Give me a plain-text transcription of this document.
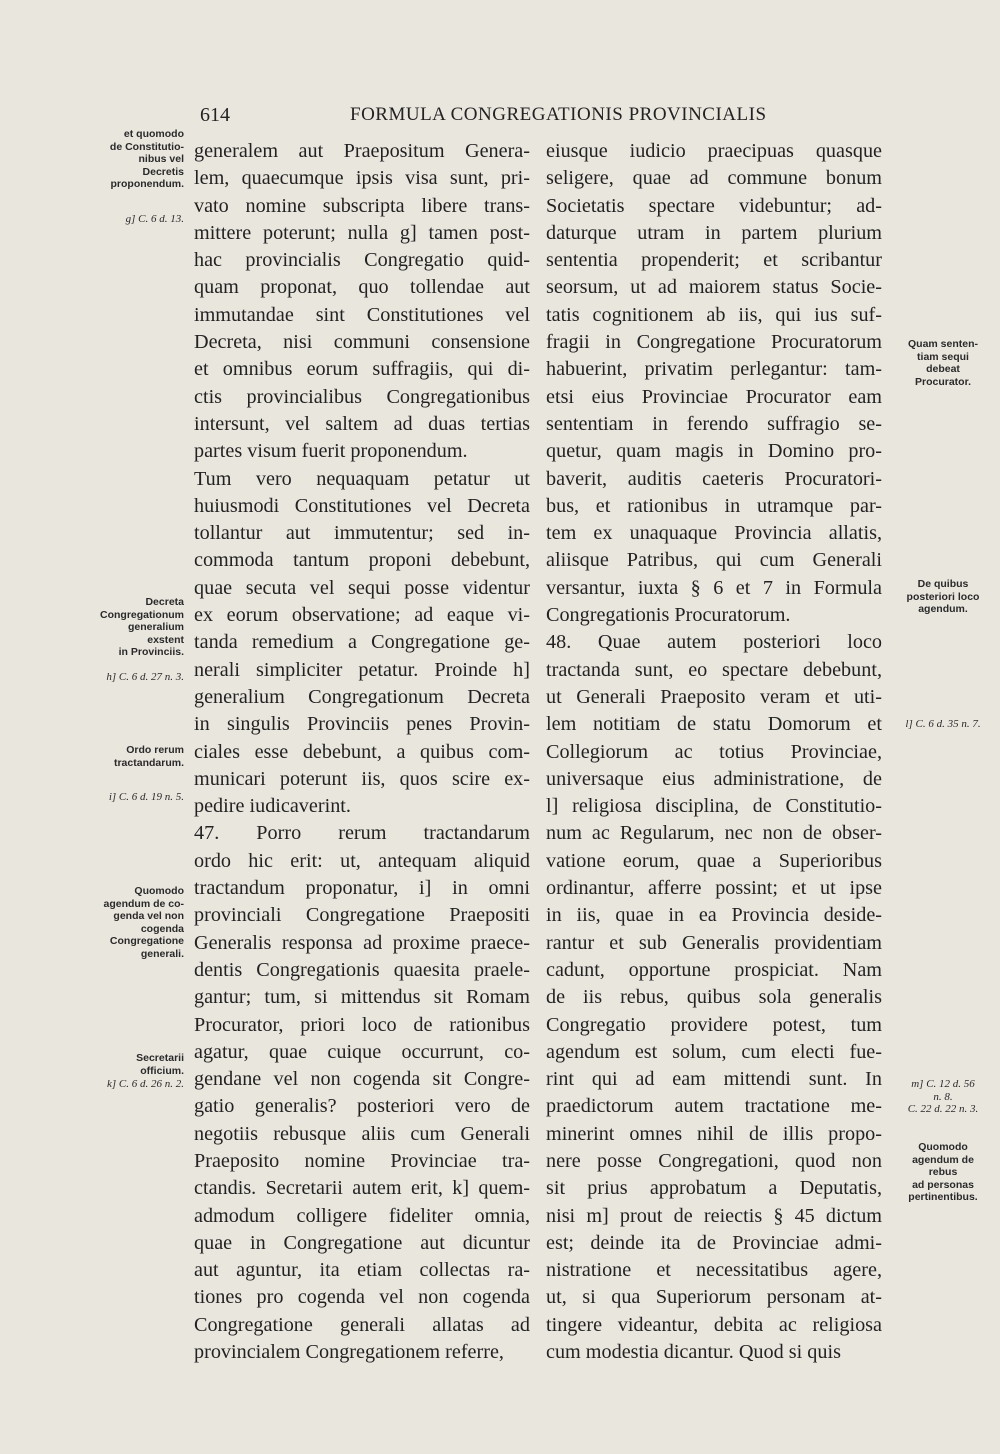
614	FORMULA CONGREGATIONIS PROVINCIALIS
generalem aut Praepositum Genera-
lem, quaecumque ipsis visa sunt, pri-
vato nomine subscripta libere trans-
mittere poterunt; nulla g] tamen post-
hac provincialis Congregatio quid-
quam proponat, quo tollendae aut
immutandae sint Constitutiones vel
Decreta, nisi communi consensione
et omnibus eorum suffragiis, qui di-
ctis provincialibus Congregationibus
intersunt, vel saltem ad duas tertias
partes visum fuerit proponendum.
Tum vero nequaquam petatur ut
huiusmodi Constitutiones vel Decreta
tollantur aut immutentur; sed in-
commoda tantum proponi debebunt,
quae secuta vel sequi posse videntur
ex eorum observatione; ad eaque vi-
tanda remedium a Congregatione ge-
nerali simpliciter petatur. Proinde h]
generalium Congregationum Decreta
in singulis Provinciis penes Provin-
ciales esse debebunt, a quibus com-
municari poterunt iis, quos scire ex-
pedire iudicaverint.
47. Porro rerum tractandarum
ordo hic erit: ut, antequam aliquid
tractandum proponatur, i] in omni
provinciali Congregatione Praepositi
Generalis responsa ad proxime praece-
dentis Congregationis quaesita praele-
gantur; tum, si mittendus sit Romam
Procurator, priori loco de rationibus
agatur, quae cuique occurrunt, co-
gendane vel non cogenda sit Congre-
gatio generalis? posteriori vero de
negotiis rebusque aliis cum Generali
Praeposito nomine Provinciae tra-
ctandis. Secretarii autem erit, k] quem-
admodum colligere fideliter omnia,
quae in Congregatione aut dicuntur
aut aguntur, ita etiam collectas ra-
tiones pro cogenda vel non cogenda
Congregatione generali allatas ad
provincialem Congregationem referre,
eiusque iudicio praecipuas quasque
seligere, quae ad commune bonum
Societatis spectare videbuntur; ad-
daturque utram in partem plurium
sententia propenderit; et scribantur
seorsum, ut ad maiorem status Socie-
tatis cognitionem ab iis, qui ius suf-
fragii in Congregatione Procuratorum
habuerint, privatim perlegantur: tam-
etsi eius Provinciae Procurator eam
sententiam in ferendo suffragio se-
quetur, quam magis in Domino pro-
baverit, auditis caeteris Procuratori-
bus, et rationibus in utramque par-
tem ex unaquaque Provincia allatis,
aliisque Patribus, qui cum Generali
versantur, iuxta § 6 et 7 in Formula
Congregationis Procuratorum.
48. Quae autem posteriori loco
tractanda sunt, eo spectare debebunt,
ut Generali Praeposito veram et uti-
lem notitiam de statu Domorum et
Collegiorum ac totius Provinciae,
universaque eius administratione, de
l] religiosa disciplina, de Constitutio-
num ac Regularum, nec non de obser-
vatione eorum, quae a Superioribus
ordinantur, afferre possint; et ut ipse
in iis, quae in ea Provincia deside-
rantur et sub Generalis providentiam
cadunt, opportune prospiciat. Nam
de iis rebus, quibus sola generalis
Congregatio providere potest, tum
agendum est solum, cum electi fue-
rint qui ad eam mittendi sunt. In
praedictorum autem tractatione me-
minerint omnes nihil de illis propo-
nere posse Congregationi, quod non
sit prius approbatum a Deputatis,
nisi m] prout de reiectis § 45 dictum
est; deinde ita de Provinciae admi-
nistratione et necessitatibus agere,
ut, si qua Superiorum personam at-
tingere videantur, debita ac religiosa
cum modestia dicantur. Quod si quis
et quomodo
de Constitutio-
nibus vel
Decretis
proponendum.
g] C. 6 d. 13.
Decreta
Congregationum
generalium
exstent
in Provinciis.
h] C. 6 d. 27 n. 3.
Ordo rerum
tractandarum.
i] C. 6 d. 19 n. 5.
Quomodo
agendum de co-
genda vel non
cogenda
Congregatione
generali.
Secretarii
officium.
k] C. 6 d. 26 n. 2.
Quam senten-
tiam sequi
debeat
Procurator.
De quibus
posteriori loco
agendum.
l] C. 6 d. 35 n. 7.
m] C. 12 d. 56
n. 8.
C. 22 d. 22 n. 3.
Quomodo
agendum de
rebus
ad personas
pertinentibus.
